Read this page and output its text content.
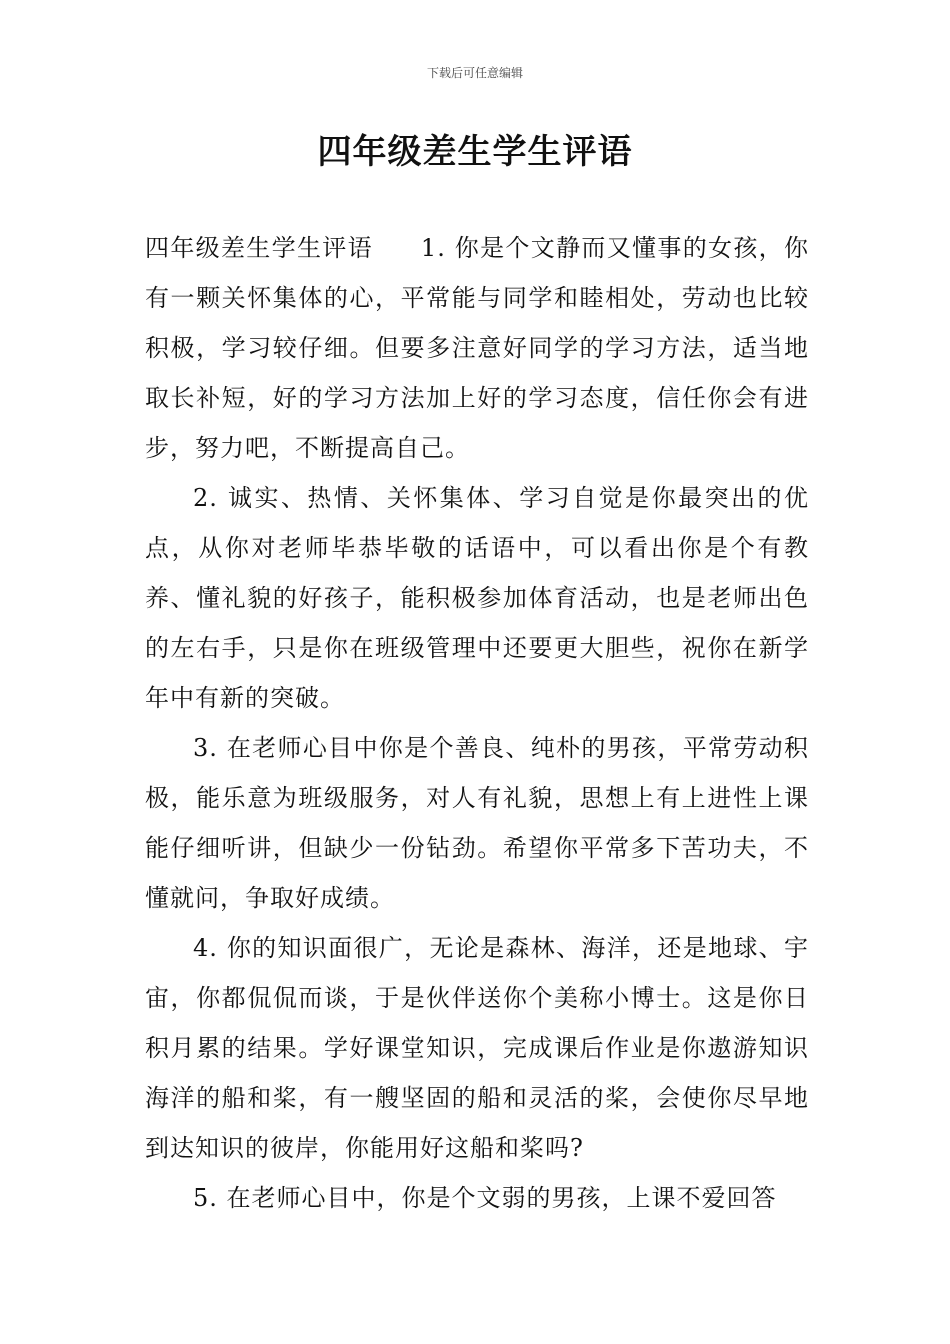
下载后可任意编辑
四年级差生学生评语

四年级差生学生评语 1. 你是个文静而又懂事的女孩，你有一颗关怀集体的心，平常能与同学和睦相处，劳动也比较积极，学习较仔细。但要多注意好同学的学习方法，适当地取长补短，好的学习方法加上好的学习态度，信任你会有进步，努力吧，不断提高自己。

2. 诚实、热情、关怀集体、学习自觉是你最突出的优点，从你对老师毕恭毕敬的话语中，可以看出你是个有教养、懂礼貌的好孩子，能积极参加体育活动，也是老师出色的左右手，只是你在班级管理中还要更大胆些，祝你在新学年中有新的突破。

3. 在老师心目中你是个善良、纯朴的男孩，平常劳动积极，能乐意为班级服务，对人有礼貌，思想上有上进性上课能仔细听讲，但缺少一份钻劲。希望你平常多下苦功夫，不懂就问，争取好成绩。

4. 你的知识面很广，无论是森林、海洋，还是地球、宇宙，你都侃侃而谈，于是伙伴送你个美称小博士。这是你日积月累的结果。学好课堂知识，完成课后作业是你遨游知识海洋的船和桨，有一艘坚固的船和灵活的桨，会使你尽早地到达知识的彼岸，你能用好这船和桨吗?

5. 在老师心目中，你是个文弱的男孩，上课不爱回答
